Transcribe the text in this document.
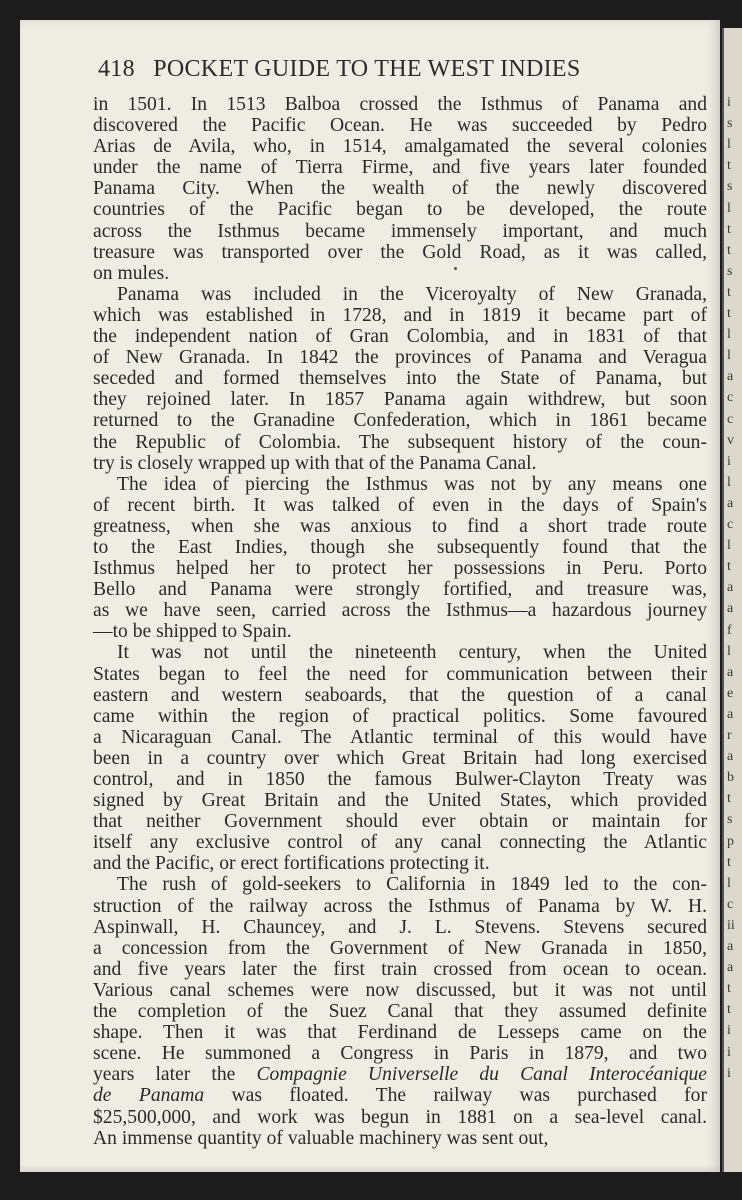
i
s
l
t
s
l
t
t
s
t
t
l
l
a
c
c
v
i
l
a
c
l
t
a
a
f
l
a
e
a
r
a
b
t
s
p
t
l
c
ii
a
a
t
t
i
i
i
418 POCKET GUIDE TO THE WEST INDIES
in 1501. In 1513 Balboa crossed the Isthmus of Panama and
discovered the Pacific Ocean. He was succeeded by Pedro
Arias de Avila, who, in 1514, amalgamated the several colonies
under the name of Tierra Firme, and five years later founded
Panama City. When the wealth of the newly discovered
countries of the Pacific began to be developed, the route
across the Isthmus became immensely important, and much
treasure was transported over the Gold Road, as it was called,
on mules.
Panama was included in the Viceroyalty of New Granada,
which was established in 1728, and in 1819 it became part of
the independent nation of Gran Colombia, and in 1831 of that
of New Granada. In 1842 the provinces of Panama and Veragua
seceded and formed themselves into the State of Panama, but
they rejoined later. In 1857 Panama again withdrew, but soon
returned to the Granadine Confederation, which in 1861 became
the Republic of Colombia. The subsequent history of the coun-
try is closely wrapped up with that of the Panama Canal.
The idea of piercing the Isthmus was not by any means one
of recent birth. It was talked of even in the days of Spain's
greatness, when she was anxious to find a short trade route
to the East Indies, though she subsequently found that the
Isthmus helped her to protect her possessions in Peru. Porto
Bello and Panama were strongly fortified, and treasure was,
as we have seen, carried across the Isthmus—a hazardous journey
—to be shipped to Spain.
It was not until the nineteenth century, when the United
States began to feel the need for communication between their
eastern and western seaboards, that the question of a canal
came within the region of practical politics. Some favoured
a Nicaraguan Canal. The Atlantic terminal of this would have
been in a country over which Great Britain had long exercised
control, and in 1850 the famous Bulwer-Clayton Treaty was
signed by Great Britain and the United States, which provided
that neither Government should ever obtain or maintain for
itself any exclusive control of any canal connecting the Atlantic
and the Pacific, or erect fortifications protecting it.
The rush of gold-seekers to California in 1849 led to the con-
struction of the railway across the Isthmus of Panama by W. H.
Aspinwall, H. Chauncey, and J. L. Stevens. Stevens secured
a concession from the Government of New Granada in 1850,
and five years later the first train crossed from ocean to ocean.
Various canal schemes were now discussed, but it was not until
the completion of the Suez Canal that they assumed definite
shape. Then it was that Ferdinand de Lesseps came on the
scene. He summoned a Congress in Paris in 1879, and two
years later the Compagnie Universelle du Canal Interocéanique
de Panama was floated. The railway was purchased for
$25,500,000, and work was begun in 1881 on a sea-level canal.
An immense quantity of valuable machinery was sent out,
